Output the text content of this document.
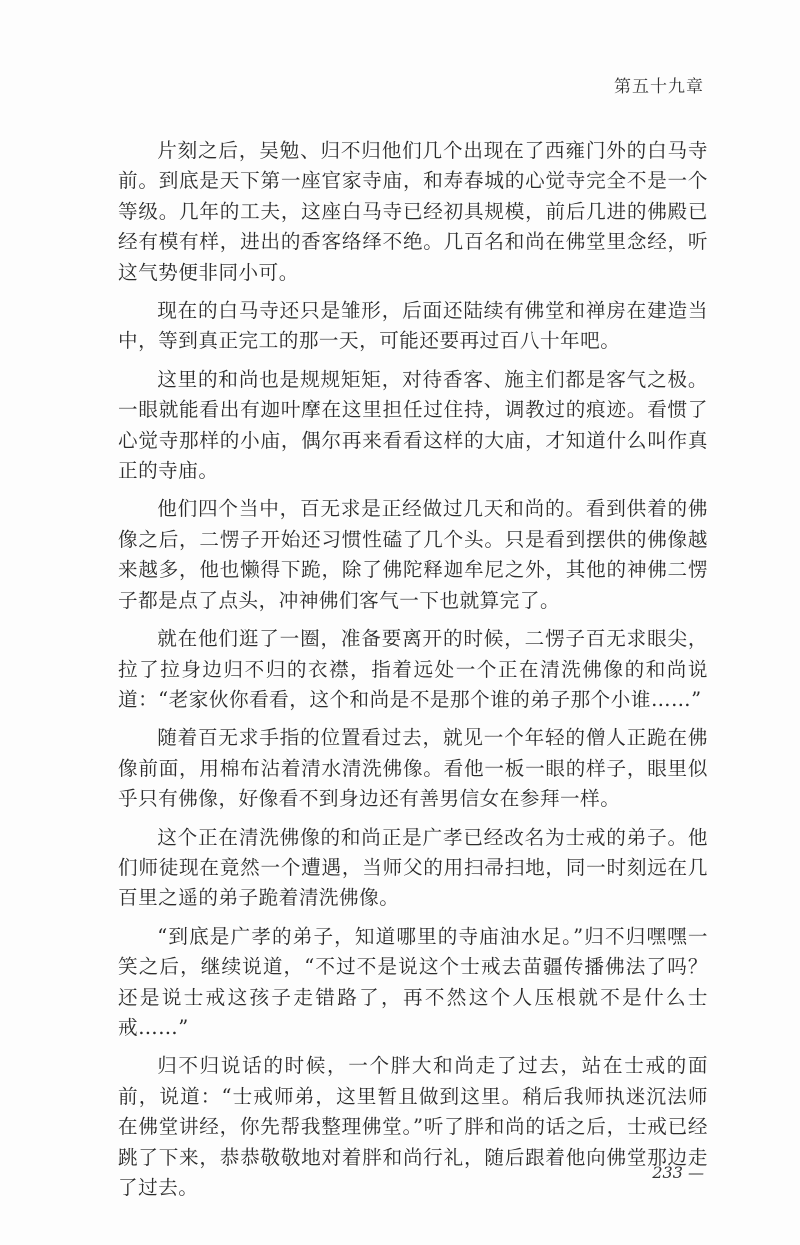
第五十九章

片刻之后，吴勉、归不归他们几个出现在了西雍门外的白马寺前。到底是天下第一座官家寺庙，和寿春城的心觉寺完全不是一个等级。几年的工夫，这座白马寺已经初具规模，前后几进的佛殿已经有模有样，进出的香客络绎不绝。几百名和尚在佛堂里念经，听这气势便非同小可。

现在的白马寺还只是雏形，后面还陆续有佛堂和禅房在建造当中，等到真正完工的那一天，可能还要再过百八十年吧。

这里的和尚也是规规矩矩，对待香客、施主们都是客气之极。一眼就能看出有迦叶摩在这里担任过住持，调教过的痕迹。看惯了心觉寺那样的小庙，偶尔再来看看这样的大庙，才知道什么叫作真正的寺庙。

他们四个当中，百无求是正经做过几天和尚的。看到供着的佛像之后，二愣子开始还习惯性磕了几个头。只是看到摆供的佛像越来越多，他也懒得下跪，除了佛陀释迦牟尼之外，其他的神佛二愣子都是点了点头，冲神佛们客气一下也就算完了。

就在他们逛了一圈，准备要离开的时候，二愣子百无求眼尖，拉了拉身边归不归的衣襟，指着远处一个正在清洗佛像的和尚说道：“老家伙你看看，这个和尚是不是那个谁的弟子那个小谁……”

随着百无求手指的位置看过去，就见一个年轻的僧人正跪在佛像前面，用棉布沾着清水清洗佛像。看他一板一眼的样子，眼里似乎只有佛像，好像看不到身边还有善男信女在参拜一样。

这个正在清洗佛像的和尚正是广孝已经改名为士戒的弟子。他们师徒现在竟然一个遭遇，当师父的用扫帚扫地，同一时刻远在几百里之遥的弟子跪着清洗佛像。

“到底是广孝的弟子，知道哪里的寺庙油水足。”归不归嘿嘿一笑之后，继续说道，“不过不是说这个士戒去苗疆传播佛法了吗？还是说士戒这孩子走错路了，再不然这个人压根就不是什么士戒……”

归不归说话的时候，一个胖大和尚走了过去，站在士戒的面前，说道：“士戒师弟，这里暂且做到这里。稍后我师执迷沉法师在佛堂讲经，你先帮我整理佛堂。”听了胖和尚的话之后，士戒已经跳了下来，恭恭敬敬地对着胖和尚行礼，随后跟着他向佛堂那边走了过去。

233 —
